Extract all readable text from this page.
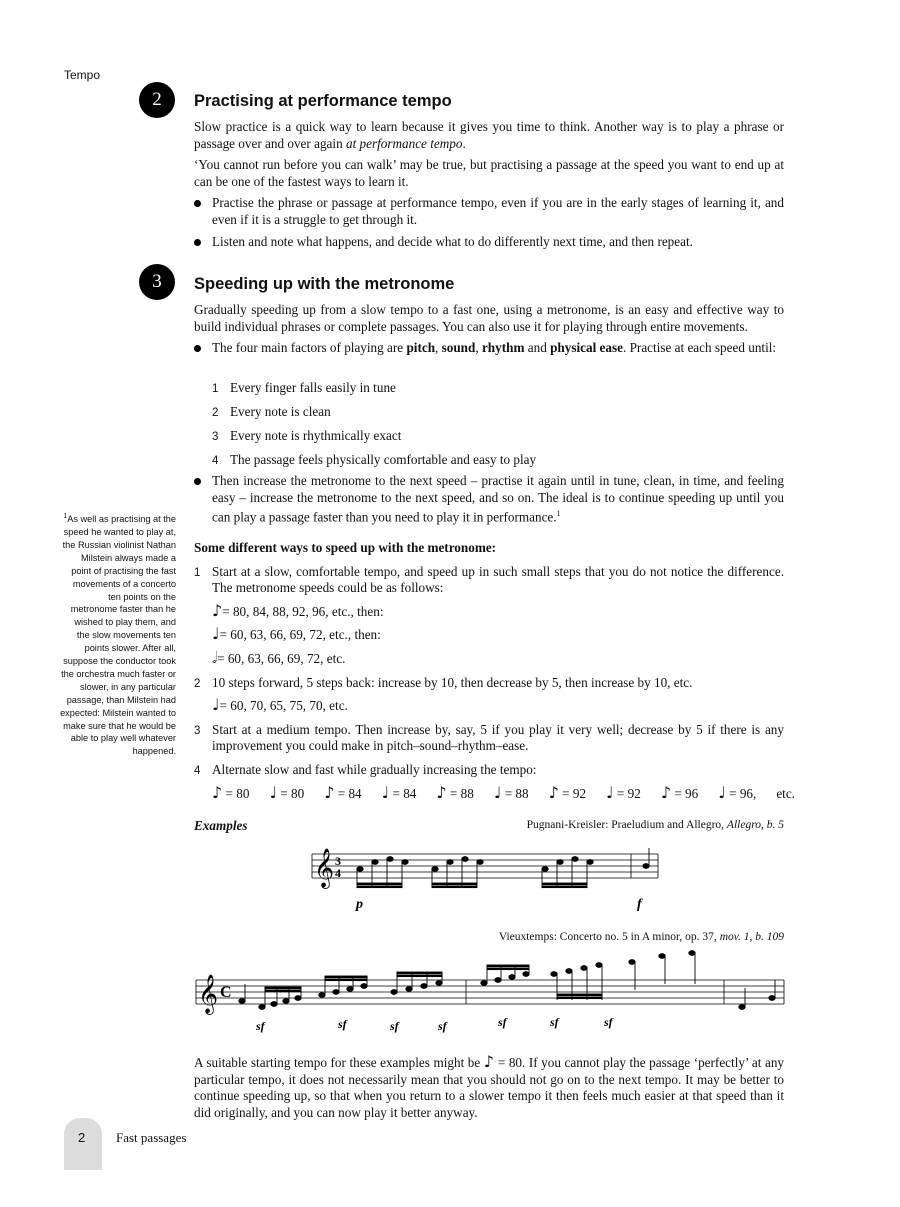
Tempo
2 Practising at performance tempo

Slow practice is a quick way to learn because it gives you time to think. Another way is to play a phrase or passage over and over again at performance tempo.

‘You cannot run before you can walk’ may be true, but practising a passage at the speed you want to end up at can be one of the fastest ways to learn it.

Practise the phrase or passage at performance tempo, even if you are in the early stages of learning it, and even if it is a struggle to get through it.
Listen and note what happens, and decide what to do differently next time, and then repeat.
3 Speeding up with the metronome

Gradually speeding up from a slow tempo to a fast one, using a metronome, is an easy and effective way to build individual phrases or complete passages. You can also use it for playing through entire movements.

The four main factors of playing are pitch, sound, rhythm and physical ease. Practise at each speed until:
1 Every finger falls easily in tune
2 Every note is clean
3 Every note is rhythmically exact
4 The passage feels physically comfortable and easy to play
Then increase the metronome to the next speed – practise it again until in tune, clean, in time, and feeling easy – increase the metronome to the next speed, and so on. The ideal is to continue speeding up until you can play a passage faster than you need to play it in performance.$^1$
$^1$As well as practising at the speed he wanted to play at, the Russian violinist Nathan Milstein always made a point of practising the fast movements of a concerto ten points on the metronome faster than he wished to play them, and the slow movements ten points slower. After all, suppose the conductor took the orchestra much faster or slower, in any particular passage, than Milstein had expected: Milstein wanted to make sure that he would be able to play well whatever happened.

Some different ways to speed up with the metronome:

1 Start at a slow, comfortable tempo, and speed up in such small steps that you do not notice the difference. The metronome speeds could be as follows:
♪= 80, 84, 88, 92, 96, etc., then:
♩= 60, 63, 66, 69, 72, etc., then:
𝅗𝅥= 60, 63, 66, 69, 72, etc.
2 10 steps forward, 5 steps back: increase by 10, then decrease by 5, then increase by 10, etc.
♩= 60, 70, 65, 75, 70, etc.
3 Start at a medium tempo. Then increase by, say, 5 if you play it very well; decrease by 5 if there is any improvement you could make in pitch–sound–rhythm–ease.
4 Alternate slow and fast while gradually increasing the tempo:
♪ = 80 ♩ = 80 ♪ = 84 ♩ = 84 ♪ = 88 ♩ = 88 ♪ = 92 ♩ = 92 ♪ = 96 ♩ = 96, etc.
Examples	Pugnani-Kreisler: Praeludium and Allegro, Allegro, b. 5
𝄞 3
4
p	f
Vieuxtemps: Concerto no. 5 in A minor, op. 37, mov. 1, b. 109
𝄞 C
sf	sf	sf	sf	sf	sf	sf
A suitable starting tempo for these examples might be ♪ = 80. If you cannot play the passage ‘perfectly’ at any particular tempo, it does not necessarily mean that you should not go on to the next tempo. It may be better to continue speeding up, so that when you return to a slower tempo it then feels much easier at that speed than it did originally, and you can now play it better anyway.
2 Fast passages
